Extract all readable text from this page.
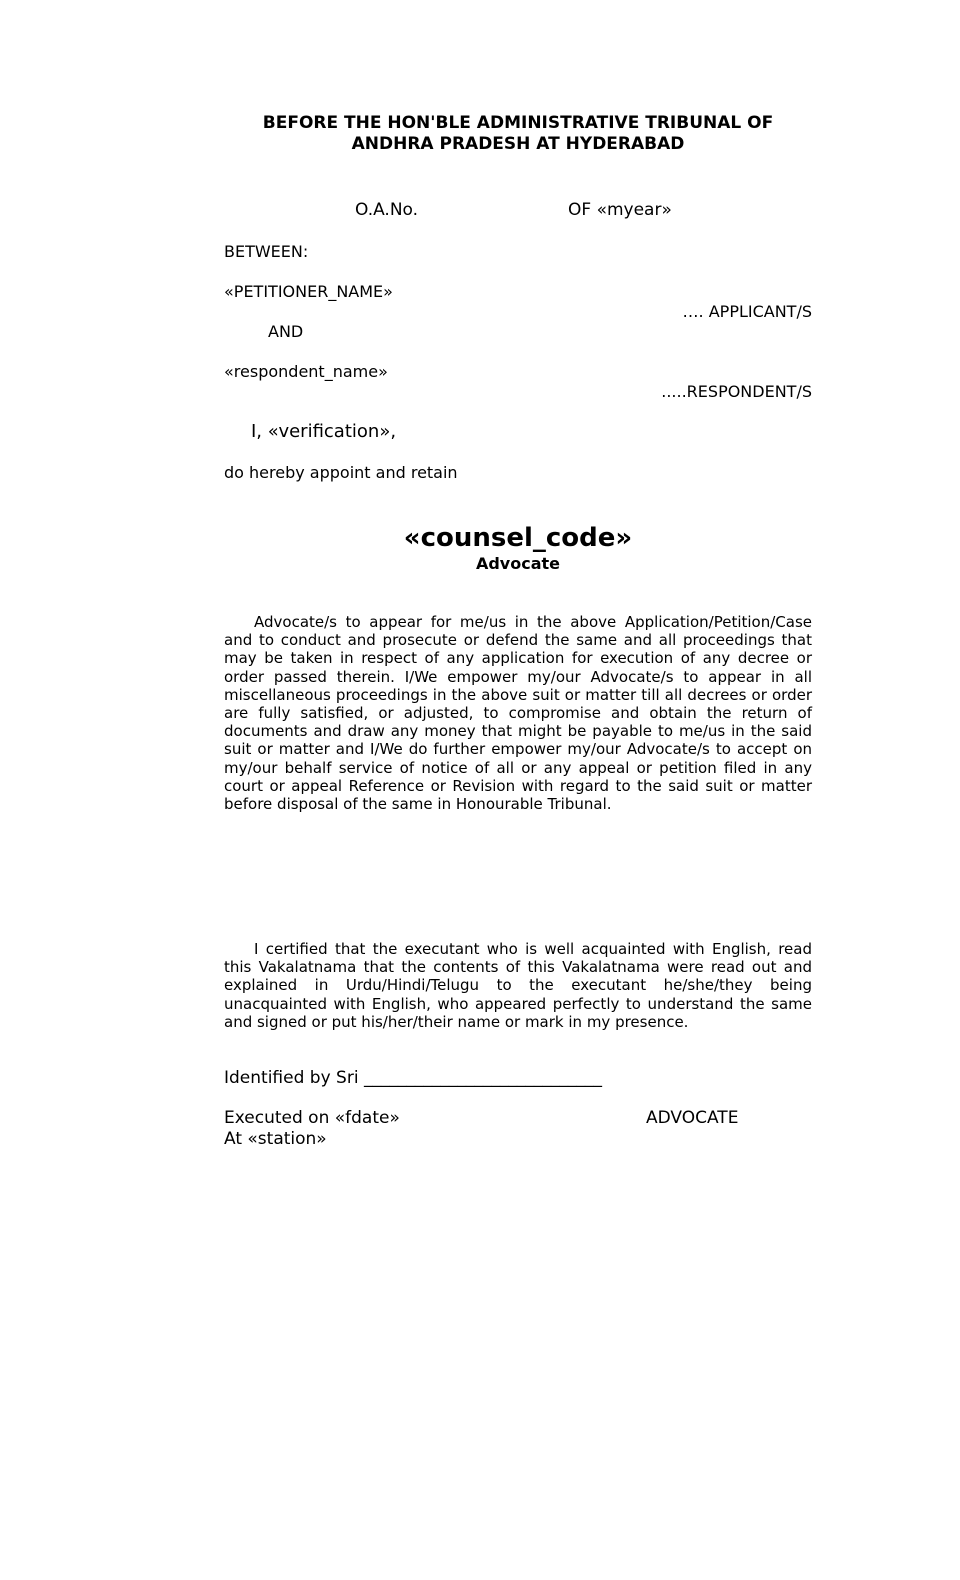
BEFORE THE HON'BLE ADMINISTRATIVE TRIBUNAL OF
ANDHRA PRADESH AT HYDERABAD
O.A.No.	OF «myear»
BETWEEN:
«PETITIONER_NAME»
…. APPLICANT/S
AND
«respondent_name»
.....RESPONDENT/S
I, «verification»,
do hereby appoint and retain
«counsel_code»
Advocate
Advocate/s to appear for me/us in the above Application/Petition/Case and to conduct and prosecute or defend the same and all proceedings that may be taken in respect of any application for execution of any decree or order passed therein. I/We empower my/our Advocate/s to appear in all miscellaneous proceedings in the above suit or matter till all decrees or order are fully satisfied, or adjusted, to compromise and obtain the return of documents and draw any money that might be payable to me/us in the said suit or matter and I/We do further empower my/our Advocate/s to accept on my/our behalf service of notice of all or any appeal or petition filed in any court or appeal Reference or Revision with regard to the said suit or matter before disposal of the same in Honourable Tribunal.
I certified that the executant who is well acquainted with English, read this Vakalatnama that the contents of this Vakalatnama were read out and explained in Urdu/Hindi/Telugu to the executant he/she/they being unacquainted with English, who appeared perfectly to understand the same and signed or put his/her/their name or mark in my presence.
Identified by Sri ____________________________
Executed on «fdate»	ADVOCATE
At «station»
